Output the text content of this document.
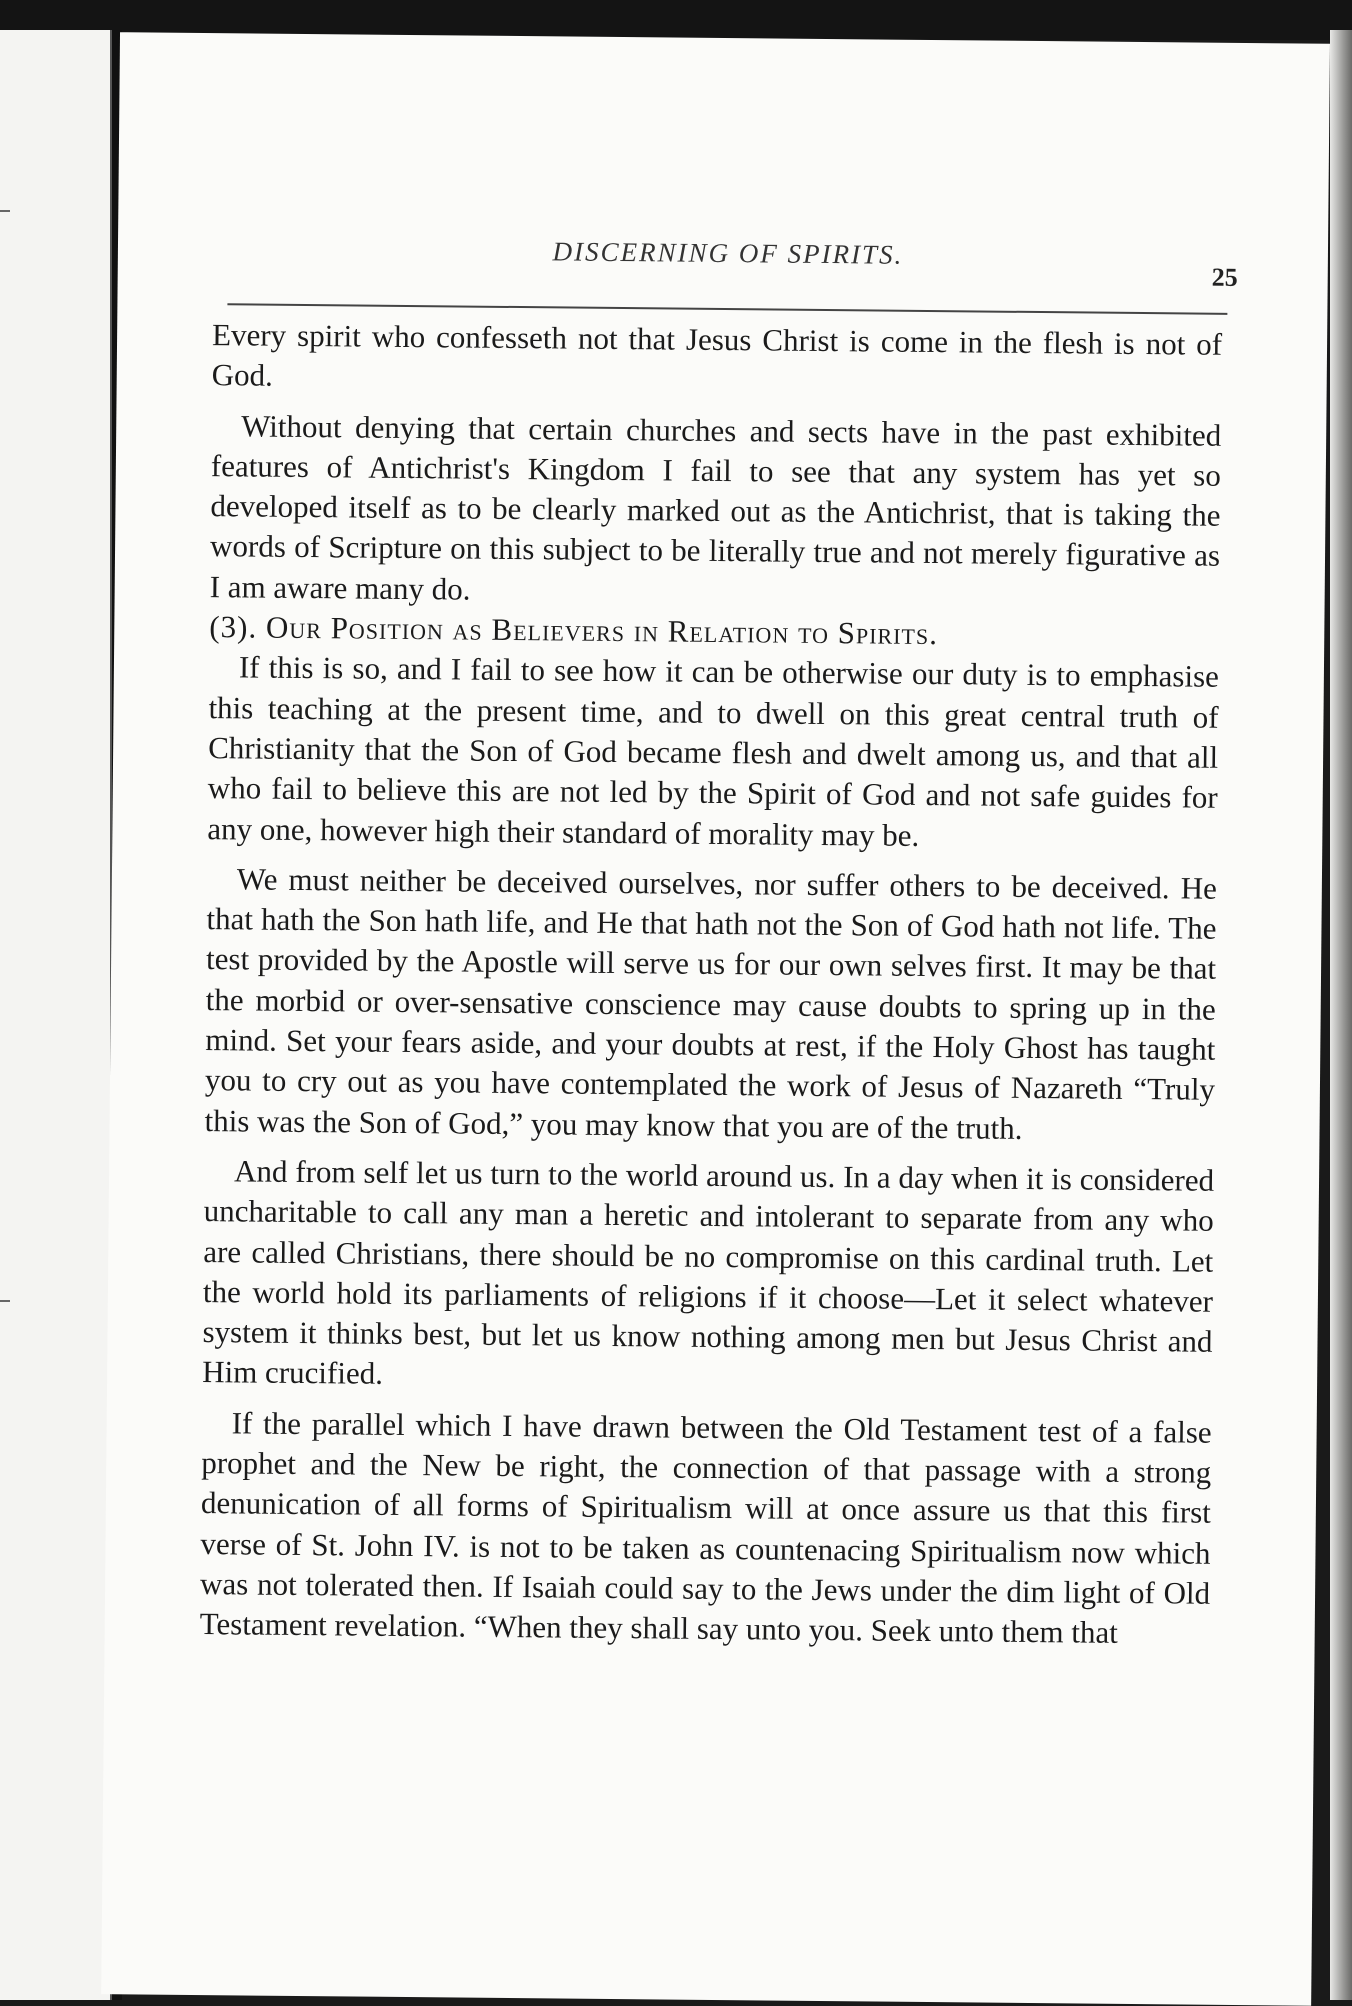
DISCERNING OF SPIRITS.
25

Every spirit who confesseth not that Jesus Christ is come in the flesh is not of God.

Without denying that certain churches and sects have in the past exhibited features of Antichrist's Kingdom I fail to see that any system has yet so developed itself as to be clearly marked out as the Antichrist, that is taking the words of Scripture on this subject to be literally true and not merely figurative as I am aware many do.

(3). Our Position as Believers in Relation to Spirits.

If this is so, and I fail to see how it can be otherwise our duty is to emphasise this teaching at the present time, and to dwell on this great central truth of Christianity that the Son of God became flesh and dwelt among us, and that all who fail to believe this are not led by the Spirit of God and not safe guides for any one, however high their standard of morality may be.

We must neither be deceived ourselves, nor suffer others to be deceived. He that hath the Son hath life, and He that hath not the Son of God hath not life. The test provided by the Apostle will serve us for our own selves first. It may be that the morbid or over-sensative conscience may cause doubts to spring up in the mind. Set your fears aside, and your doubts at rest, if the Holy Ghost has taught you to cry out as you have contemplated the work of Jesus of Nazareth “Truly this was the Son of God,” you may know that you are of the truth.

And from self let us turn to the world around us. In a day when it is considered uncharitable to call any man a heretic and intolerant to separate from any who are called Christians, there should be no compromise on this cardinal truth. Let the world hold its parliaments of religions if it choose—Let it select whatever system it thinks best, but let us know nothing among men but Jesus Christ and Him crucified.

If the parallel which I have drawn between the Old Testament test of a false prophet and the New be right, the connection of that passage with a strong denunication of all forms of Spiritualism will at once assure us that this first verse of St. John IV. is not to be taken as countenacing Spiritualism now which was not tolerated then. If Isaiah could say to the Jews under the dim light of Old Testament revelation. “When they shall say unto you. Seek unto them that
